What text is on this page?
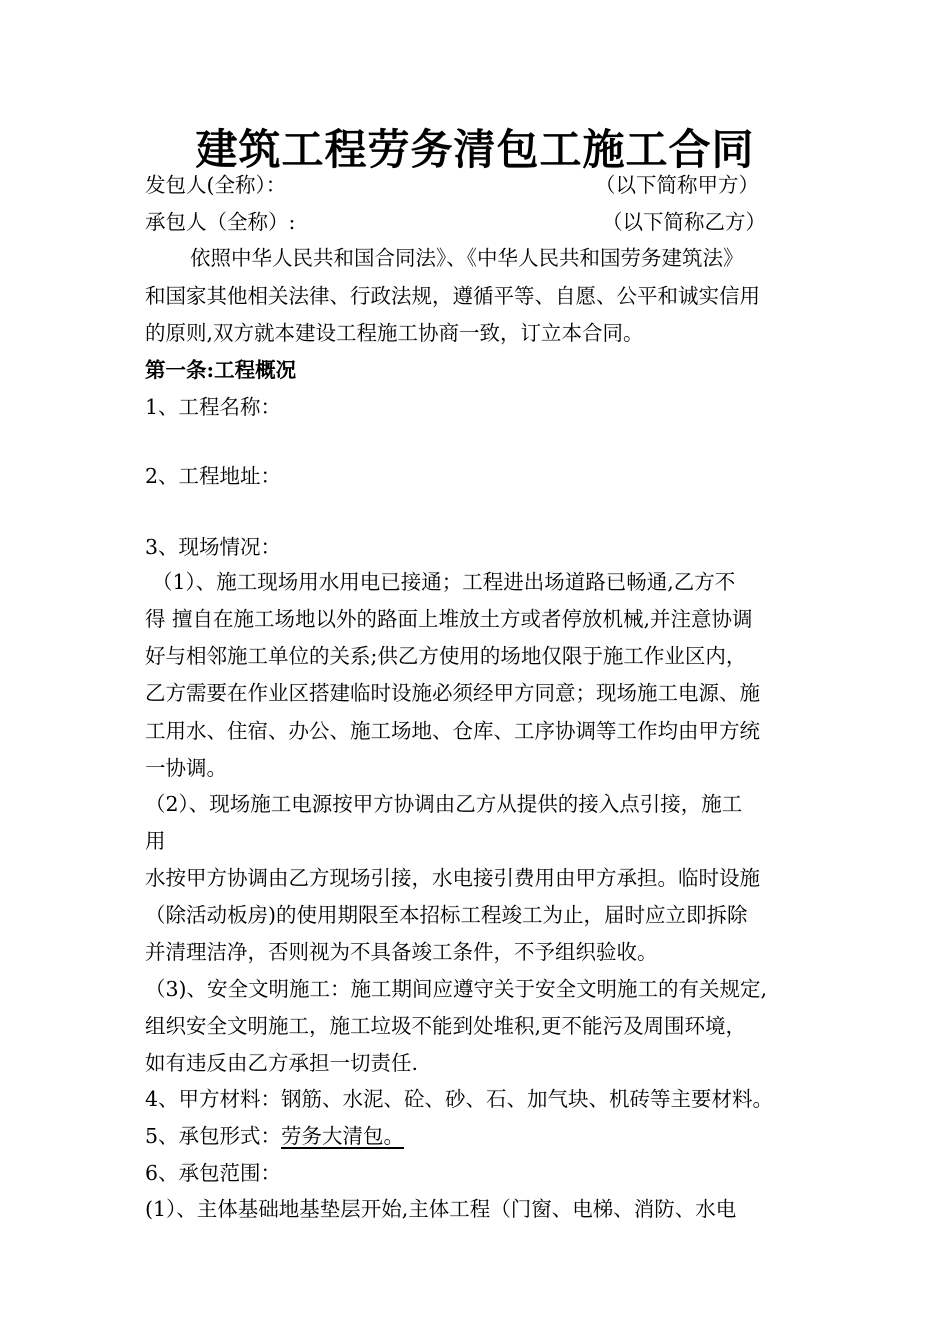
建筑工程劳务清包工施工合同
发包人(全称）：	（以下简称甲方）
承包人（全称）:	（以下简称乙方）
依照中华人民共和国合同法》、《中华人民共和国劳务建筑法》
和国家其他相关法律、行政法规，遵循平等、自愿、公平和诚实信用
的原则,双方就本建设工程施工协商一致，订立本合同。
第一条:工程概况
1、工程名称：
2、工程地址：
3、现场情况：
（1）、施工现场用水用电已接通；工程进出场道路已畅通,乙方不
得 擅自在施工场地以外的路面上堆放土方或者停放机械,并注意协调
好与相邻施工单位的关系;供乙方使用的场地仅限于施工作业区内，
乙方需要在作业区搭建临时设施必须经甲方同意；现场施工电源、施
工用水、住宿、办公、施工场地、仓库、工序协调等工作均由甲方统
一协调。
（2）、现场施工电源按甲方协调由乙方从提供的接入点引接，施工
用
水按甲方协调由乙方现场引接，水电接引费用由甲方承担。临时设施
（除活动板房)的使用期限至本招标工程竣工为止，届时应立即拆除
并清理洁净，否则视为不具备竣工条件，不予组织验收。
（3)、安全文明施工：施工期间应遵守关于安全文明施工的有关规定,
组织安全文明施工，施工垃圾不能到处堆积,更不能污及周围环境，
如有违反由乙方承担一切责任.
4、甲方材料：钢筋、水泥、砼、砂、石、加气块、机砖等主要材料。
5、承包形式：劳务大清包。
6、承包范围：
(1）、主体基础地基垫层开始,主体工程（门窗、电梯、消防、水电
